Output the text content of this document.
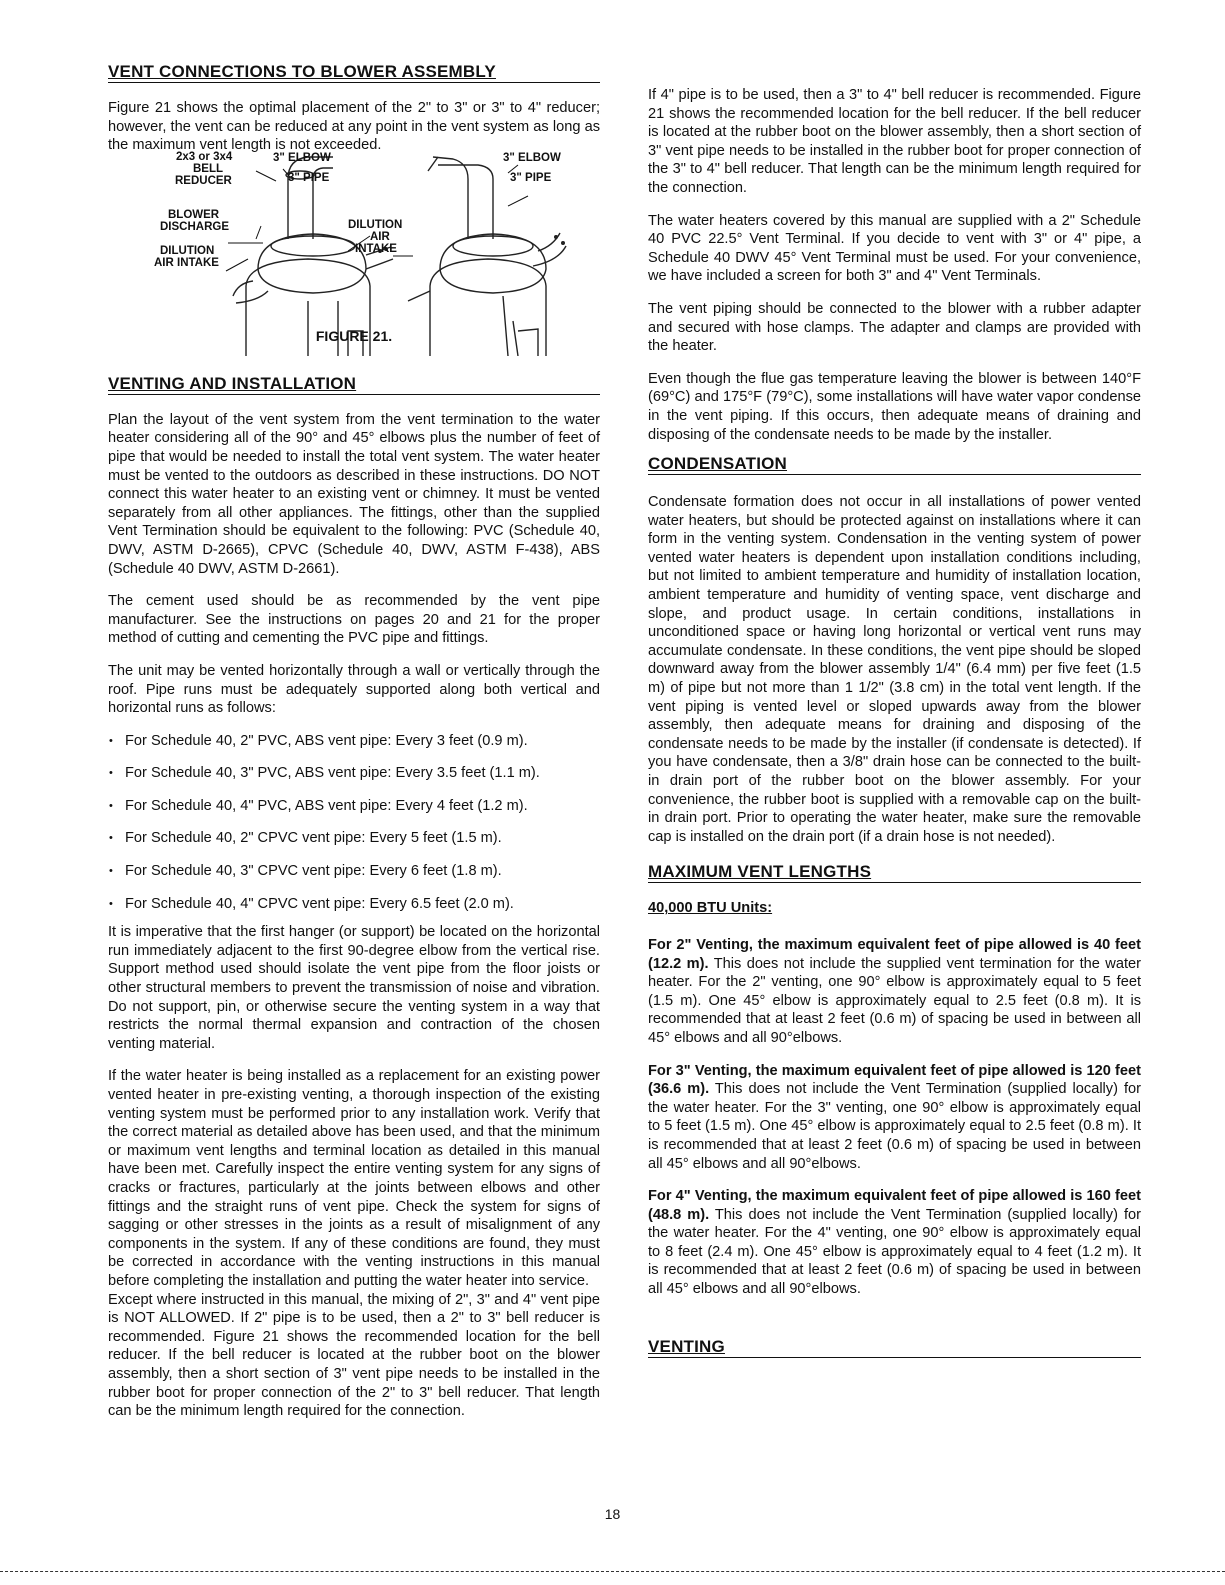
VENT CONNECTIONS TO BLOWER ASSEMBLY

Figure 21 shows the optimal placement of the 2" to 3" or 3" to 4" reducer; however, the vent can be reduced at any point in the vent system as long as the maximum vent length is not exceeded.

2x3 or 3x4
BELL
REDUCER
3" ELBOW
3" PIPE
BLOWER
DISCHARGE
DILUTION
AIR INTAKE
DILUTION
AIR
INTAKE
3" ELBOW
3" PIPE
FIGURE 21.
VENTING AND INSTALLATION

Plan the layout of the vent system from the vent termination to the water heater considering all of the 90° and 45° elbows plus the number of feet of pipe that would be needed to install the total vent system. The water heater must be vented to the outdoors as described in these instructions. DO NOT connect this water heater to an existing vent or chimney. It must be vented separately from all other appliances. The fittings, other than the supplied Vent Termination should be equivalent to the following: PVC (Schedule 40, DWV, ASTM D-2665), CPVC (Schedule 40, DWV, ASTM F-438), ABS (Schedule 40 DWV, ASTM D-2661).

The cement used should be as recommended by the vent pipe manufacturer. See the instructions on pages 20 and 21 for the proper method of cutting and cementing the PVC pipe and fittings.

The unit may be vented horizontally through a wall or vertically through the roof. Pipe runs must be adequately supported along both vertical and horizontal runs as follows:

• For Schedule 40, 2" PVC, ABS vent pipe: Every 3 feet (0.9 m).
• For Schedule 40, 3" PVC, ABS vent pipe: Every 3.5 feet (1.1 m).
• For Schedule 40, 4" PVC, ABS vent pipe: Every 4 feet (1.2 m).
• For Schedule 40, 2" CPVC vent pipe: Every 5 feet (1.5 m).
• For Schedule 40, 3" CPVC vent pipe: Every 6 feet (1.8 m).
• For Schedule 40, 4" CPVC vent pipe: Every 6.5 feet (2.0 m).

It is imperative that the first hanger (or support) be located on the horizontal run immediately adjacent to the first 90-degree elbow from the vertical rise. Support method used should isolate the vent pipe from the floor joists or other structural members to prevent the transmission of noise and vibration. Do not support, pin, or otherwise secure the venting system in a way that restricts the normal thermal expansion and contraction of the chosen venting material.

If the water heater is being installed as a replacement for an existing power vented heater in pre-existing venting, a thorough inspection of the existing venting system must be performed prior to any installation work. Verify that the correct material as detailed above has been used, and that the minimum or maximum vent lengths and terminal location as detailed in this manual have been met. Carefully inspect the entire venting system for any signs of cracks or fractures, particularly at the joints between elbows and other fittings and the straight runs of vent pipe. Check the system for signs of sagging or other stresses in the joints as a result of misalignment of any components in the system. If any of these conditions are found, they must be corrected in accordance with the venting instructions in this manual before completing the installation and putting the water heater into service.

Except where instructed in this manual, the mixing of 2", 3" and 4" vent pipe is NOT ALLOWED. If 2" pipe is to be used, then a 2" to 3" bell reducer is recommended. Figure 21 shows the recommended location for the bell reducer. If the bell reducer is located at the rubber boot on the blower assembly, then a short section of 3" vent pipe needs to be installed in the rubber boot for proper connection of the 2" to 3" bell reducer. That length can be the minimum length required for the connection.

If 4" pipe is to be used, then a 3" to 4" bell reducer is recommended. Figure 21 shows the recommended location for the bell reducer. If the bell reducer is located at the rubber boot on the blower assembly, then a short section of 3" vent pipe needs to be installed in the rubber boot for proper connection of the 3" to 4" bell reducer. That length can be the minimum length required for the connection.

The water heaters covered by this manual are supplied with a 2" Schedule 40 PVC 22.5° Vent Terminal. If you decide to vent with 3" or 4" pipe, a Schedule 40 DWV 45° Vent Terminal must be used. For your convenience, we have included a screen for both 3" and 4" Vent Terminals.

The vent piping should be connected to the blower with a rubber adapter and secured with hose clamps. The adapter and clamps are provided with the heater.

Even though the flue gas temperature leaving the blower is between 140°F (69°C) and 175°F (79°C), some installations will have water vapor condense in the vent piping. If this occurs, then adequate means of draining and disposing of the condensate needs to be made by the installer.

CONDENSATION

Condensate formation does not occur in all installations of power vented water heaters, but should be protected against on installations where it can form in the venting system. Condensation in the venting system of power vented water heaters is dependent upon installation conditions including, but not limited to ambient temperature and humidity of installation location, ambient temperature and humidity of venting space, vent discharge and slope, and product usage. In certain conditions, installations in unconditioned space or having long horizontal or vertical vent runs may accumulate condensate. In these conditions, the vent pipe should be sloped downward away from the blower assembly 1/4" (6.4 mm) per five feet (1.5 m) of pipe but not more than 1 1/2" (3.8 cm) in the total vent length. If the vent piping is vented level or sloped upwards away from the blower assembly, then adequate means for draining and disposing of the condensate needs to be made by the installer (if condensate is detected). If you have condensate, then a 3/8" drain hose can be connected to the built-in drain port of the rubber boot on the blower assembly. For your convenience, the rubber boot is supplied with a removable cap on the built-in drain port. Prior to operating the water heater, make sure the removable cap is installed on the drain port (if a drain hose is not needed).

MAXIMUM VENT LENGTHS
40,000 BTU Units:

For 2" Venting, the maximum equivalent feet of pipe allowed is 40 feet (12.2 m). This does not include the supplied vent termination for the water heater. For the 2" venting, one 90° elbow is approximately equal to 5 feet (1.5 m). One 45° elbow is approximately equal to 2.5 feet (0.8 m). It is recommended that at least 2 feet (0.6 m) of spacing be used in between all 45° elbows and all 90°elbows.

For 3" Venting, the maximum equivalent feet of pipe allowed is 120 feet (36.6 m). This does not include the Vent Termination (supplied locally) for the water heater. For the 3" venting, one 90° elbow is approximately equal to 5 feet (1.5 m). One 45° elbow is approximately equal to 2.5 feet (0.8 m). It is recommended that at least 2 feet (0.6 m) of spacing be used in between all 45° elbows and all 90°elbows.

For 4" Venting, the maximum equivalent feet of pipe allowed is 160 feet (48.8 m). This does not include the Vent Termination (supplied locally) for the water heater. For the 4" venting, one 90° elbow is approximately equal to 8 feet (2.4 m). One 45° elbow is approximately equal to 4 feet (1.2 m). It is recommended that at least 2 feet (0.6 m) of spacing be used in between all 45° elbows and all 90°elbows.

VENTING
18
